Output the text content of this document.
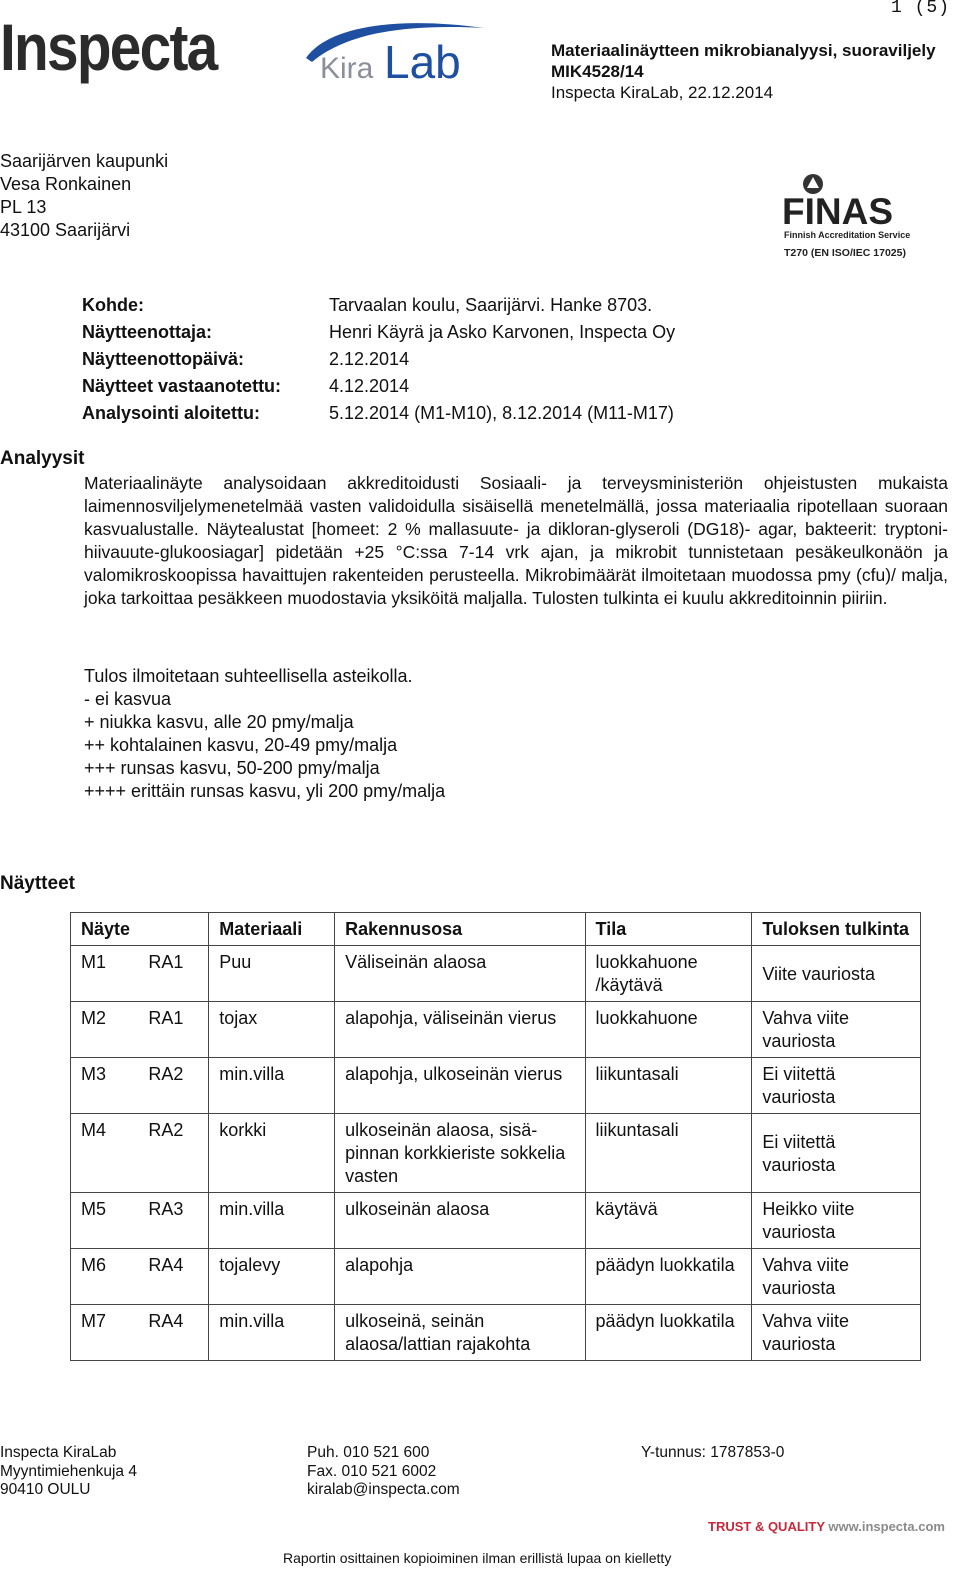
1 (5)
Inspecta	Kira Lab	Materiaalinäytteen mikrobianalyysi, suoraviljely
MIK4528/14
Inspecta KiraLab, 22.12.2014
Saarijärven kaupunki
Vesa Ronkainen
PL 13
43100 Saarijärvi	FINAS
Finnish Accreditation Service
T270 (EN ISO/IEC 17025)
Kohde:	Tarvaalan koulu, Saarijärvi. Hanke 8703.
Näytteenottaja:	Henri Käyrä ja Asko Karvonen, Inspecta Oy
Näytteenottopäivä:	2.12.2014
Näytteet vastaanotettu:	4.12.2014
Analysointi aloitettu:	5.12.2014 (M1-M10), 8.12.2014 (M11-M17)
Analyysit
Materiaalinäyte analysoidaan akkreditoidusti Sosiaali- ja terveysministeriön ohjeistusten mukaista laimennosviljelymenetelmää vasten validoidulla sisäisellä menetelmällä, jossa materiaalia ripotellaan suoraan kasvualustalle. Näytealustat [homeet: 2 % mallasuute- ja dikloran-glyseroli (DG18)- agar, bakteerit: tryptoni-hiivauute-glukoosiagar] pidetään +25 °C:ssa 7-14 vrk ajan, ja mikrobit tunnistetaan pesäkeulkonäön ja valomikroskoopissa havaittujen rakenteiden perusteella. Mikrobimäärät ilmoitetaan muodossa pmy (cfu)/ malja, joka tarkoittaa pesäkkeen muodostavia yksiköitä maljalla. Tulosten tulkinta ei kuulu akkreditoinnin piiriin.
Tulos ilmoitetaan suhteellisella asteikolla.
- ei kasvua
+ niukka kasvu, alle 20 pmy/malja
++ kohtalainen kasvu, 20-49 pmy/malja
+++ runsas kasvu, 50-200 pmy/malja
++++ erittäin runsas kasvu, yli 200 pmy/malja
Näytteet
Näyte		Materiaali	Rakennusosa	Tila	Tuloksen tulkinta
M1	RA1	Puu	Väliseinän alaosa	luokkahuone /käytävä	Viite vauriosta
M2	RA1	tojax	alapohja, väliseinän vierus	luokkahuone	Vahva viite vauriosta
M3	RA2	min.villa	alapohja, ulkoseinän vierus	liikuntasali	Ei viitettä vauriosta
M4	RA2	korkki	ulkoseinän alaosa, sisä-pinnan korkkieriste sokkelia vasten	liikuntasali	Ei viitettä vauriosta
M5	RA3	min.villa	ulkoseinän alaosa	käytävä	Heikko viite vauriosta
M6	RA4	tojalevy	alapohja	päädyn luokkatila	Vahva viite vauriosta
M7	RA4	min.villa	ulkoseinä, seinän alaosa/lattian rajakohta	päädyn luokkatila	Vahva viite vauriosta
Inspecta KiraLab
Myyntimiehenkuja 4
90410 OULU
Puh. 010 521 600
Fax. 010 521 6002
kiralab@inspecta.com
Y-tunnus: 1787853-0
TRUST & QUALITY www.inspecta.com
Raportin osittainen kopioiminen ilman erillistä lupaa on kielletty
